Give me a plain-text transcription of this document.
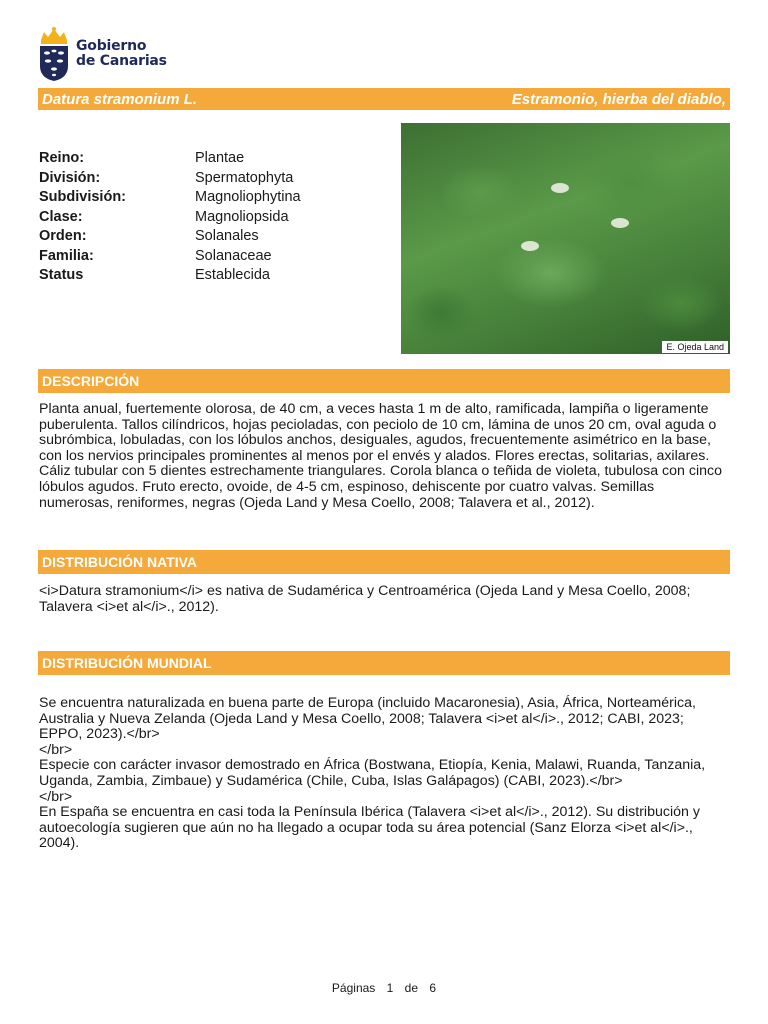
Gobierno
de Canarias
Datura stramonium L.	Estramonio, hierba del diablo,
Reino:	Plantae
División:	Spermatophyta
Subdivisión:	Magnoliophytina
Clase:	Magnoliopsida
Orden:	Solanales
Familia:	Solanaceae
Status	Establecida
E. Ojeda Land
DESCRIPCIÓN

Planta anual, fuertemente olorosa, de 40 cm, a veces hasta 1 m de alto, ramificada, lampiña o ligeramente puberulenta. Tallos cilíndricos, hojas pecioladas, con peciolo de 10 cm, lámina de unos 20 cm, oval aguda o subrómbica, lobuladas, con los lóbulos anchos, desiguales, agudos, frecuentemente asimétrico en la base, con los nervios principales prominentes al menos por el envés y alados. Flores erectas, solitarias, axilares. Cáliz tubular con 5 dientes estrechamente triangulares. Corola blanca o teñida de violeta, tubulosa con cinco lóbulos agudos. Fruto erecto, ovoide, de 4-5 cm, espinoso, dehiscente por cuatro valvas. Semillas numerosas, reniformes, negras (Ojeda Land y Mesa Coello, 2008; Talavera et al., 2012).

DISTRIBUCIÓN NATIVA

<i>Datura stramonium</i> es nativa de Sudamérica y Centroamérica (Ojeda Land y Mesa Coello, 2008; Talavera <i>et al</i>., 2012).

DISTRIBUCIÓN MUNDIAL

Se encuentra naturalizada en buena parte de Europa (incluido Macaronesia), Asia, África, Norteamérica, Australia y Nueva Zelanda (Ojeda Land y Mesa Coello, 2008; Talavera <i>et al</i>., 2012; CABI, 2023; EPPO, 2023).</br>

</br>

Especie con carácter invasor demostrado en África (Bostwana, Etiopía, Kenia, Malawi, Ruanda, Tanzania, Uganda, Zambia, Zimbaue) y Sudamérica (Chile, Cuba, Islas Galápagos) (CABI, 2023).</br>

</br>

En España se encuentra en casi toda la Península Ibérica (Talavera <i>et al</i>., 2012). Su distribución y autoecología sugieren que aún no ha llegado a ocupar toda su área potencial (Sanz Elorza <i>et al</i>., 2004).

Páginas 1 de 6
